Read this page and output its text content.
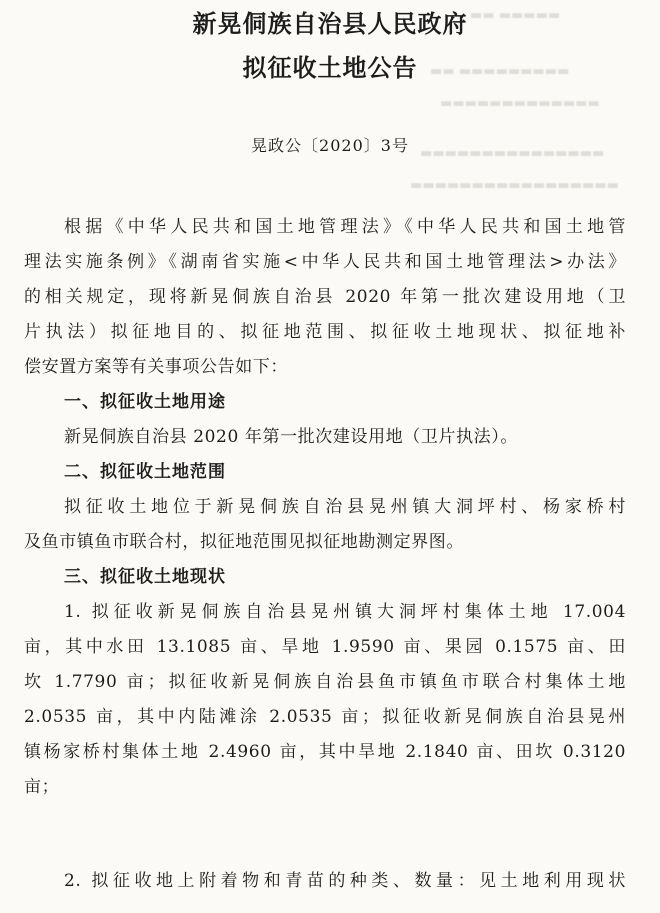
▬▬▬▬▬ ▬▬
▬▬▬▬▬▬▬▬▬ ▬▬
▬▬▬▬▬▬▬▬▬▬▬▬▬
▬▬▬▬▬▬▬▬▬▬▬▬▬▬▬
▬▬▬▬▬▬▬▬▬▬▬▬▬▬▬▬▬
新晃侗族自治县人民政府
拟征收土地公告
晃政公〔2020〕3号
根据《中华人民共和国土地管理法》《中华人民共和国土地管
理法实施条例》《湖南省实施<中华人民共和国土地管理法>办法》
的相关规定，现将新晃侗族自治县 2020 年第一批次建设用地（卫
片执法）拟征地目的、拟征地范围、拟征收土地现状、拟征地补
偿安置方案等有关事项公告如下：
一、拟征收土地用途
新晃侗族自治县 2020 年第一批次建设用地（卫片执法）。
二、拟征收土地范围
拟征收土地位于新晃侗族自治县晃州镇大洞坪村、杨家桥村
及鱼市镇鱼市联合村，拟征地范围见拟征地勘测定界图。
三、拟征收土地现状
1. 拟征收新晃侗族自治县晃州镇大洞坪村集体土地 17.004
亩，其中水田 13.1085 亩、旱地 1.9590 亩、果园 0.1575 亩、田
坎 1.7790 亩；拟征收新晃侗族自治县鱼市镇鱼市联合村集体土地
2.0535 亩，其中内陆滩涂 2.0535 亩；拟征收新晃侗族自治县晃州
镇杨家桥村集体土地 2.4960 亩，其中旱地 2.1840 亩、田坎 0.3120
亩；
2. 拟征收地上附着物和青苗的种类、数量：见土地利用现状
